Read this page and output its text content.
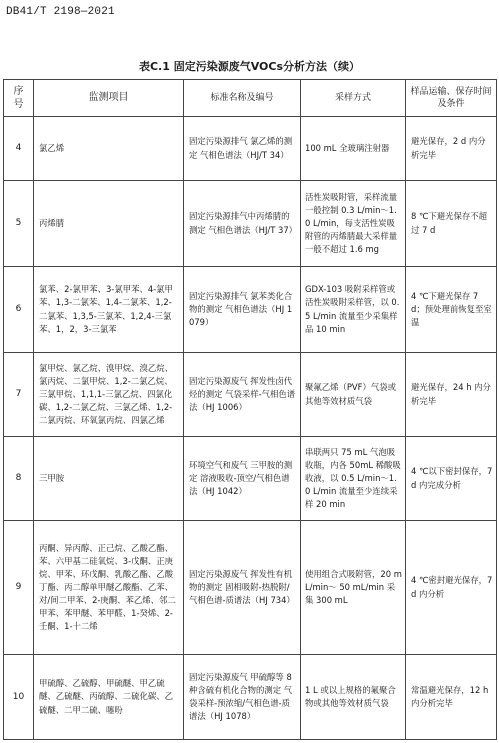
DB41/T 2198—2021
表C.1 固定污染源废气VOCs分析方法（续）
序 号	监测项目	标准名称及编号	采样方式	样品运输、保存时间及条件
4	氯乙烯	固定污染源排气 氯乙烯的测定 气相色谱法（HJ/T 34）	100 mL 全玻璃注射器	避光保存，2 d 内分析完毕
5	丙烯腈	固定污染源排气中丙烯腈的测定 气相色谱法（HJ/T 37）	活性炭吸附管，采样流量一般控制 0.3 L/min～1.0 L/min，每支活性炭吸附管的丙烯腈最大采样量一般不超过 1.6 mg	8 ℃下避光保存不超过 7 d
6	氯苯、2-氯甲苯、3-氯甲苯、4-氯甲苯、1,3-二氯苯、1,4-二氯苯、1,2-二氯苯、1,3,5-三氯苯、1,2,4-三氯苯、1，2，3-三氯苯	固定污染源排气 氯苯类化合物的测定 气相色谱法（HJ 1079）	GDX-103 吸附采样管或活性炭吸附采样管，以 0.5 L/min 流量至少采集样品 10 min	4 ℃下避光保存 7 d；预处理前恢复至室温
7	氯甲烷、氯乙烷、溴甲烷、溴乙烷、氯丙烷、二氯甲烷、1,2-二氯乙烷、三氯甲烷、1,1,1-三氯乙烷、四氯化碳、1,2-二氯乙烷、三氯乙烯、1,2-二氯丙烷、环氧氯丙烷、四氯乙烯	固定污染源废气 挥发性卤代烃的测定 气袋采样-气相色谱法（HJ 1006）	聚氟乙烯（PVF）气袋或其他等效材质气袋	避光保存，24 h 内分析完毕
8	三甲胺	环境空气和废气 三甲胺的测定 溶液吸收-顶空/气相色谱法（HJ 1042）	串联两只 75 mL 气泡吸收瓶，内各 50mL 稀酸吸收液，以 0.5 L/min～1.0 L/min 流量至少连续采样 20 min	4 ℃以下密封保存，7 d 内完成分析
9	丙酮、异丙醇、正己烷、乙酸乙酯、苯、六甲基二硅氧烷、3-戊酮、正庚烷、甲苯、环戊酮、乳酸乙酯、乙酸丁酯、丙二醇单甲醚乙酸酯、乙苯、对/间二甲苯、2-庚酮、苯乙烯、邻二甲苯、苯甲醚、苯甲醛、1-癸烯、2-壬酮、1-十二烯	固定污染源废气 挥发性有机物的测定 固相吸附-热脱附/气相色谱-质谱法（HJ 734）	使用组合式吸附管，20 mL/min～ 50 mL/min 采集 300 mL	4 ℃密封避光保存，7 d 内分析
10	甲硫醇、乙硫醇、甲硫醚、甲乙硫醚、乙硫醚、丙硫醇、二硫化碳、乙硫醚、二甲二硫、噻吩	固定污染源废气 甲硫醇等 8 种含硫有机化合物的测定 气袋采样-预浓缩/气相色谱-质谱法（HJ 1078）	1 L 或以上规格的氟聚合物或其他等效材质气袋	常温避光保存，12 h 内分析完毕
